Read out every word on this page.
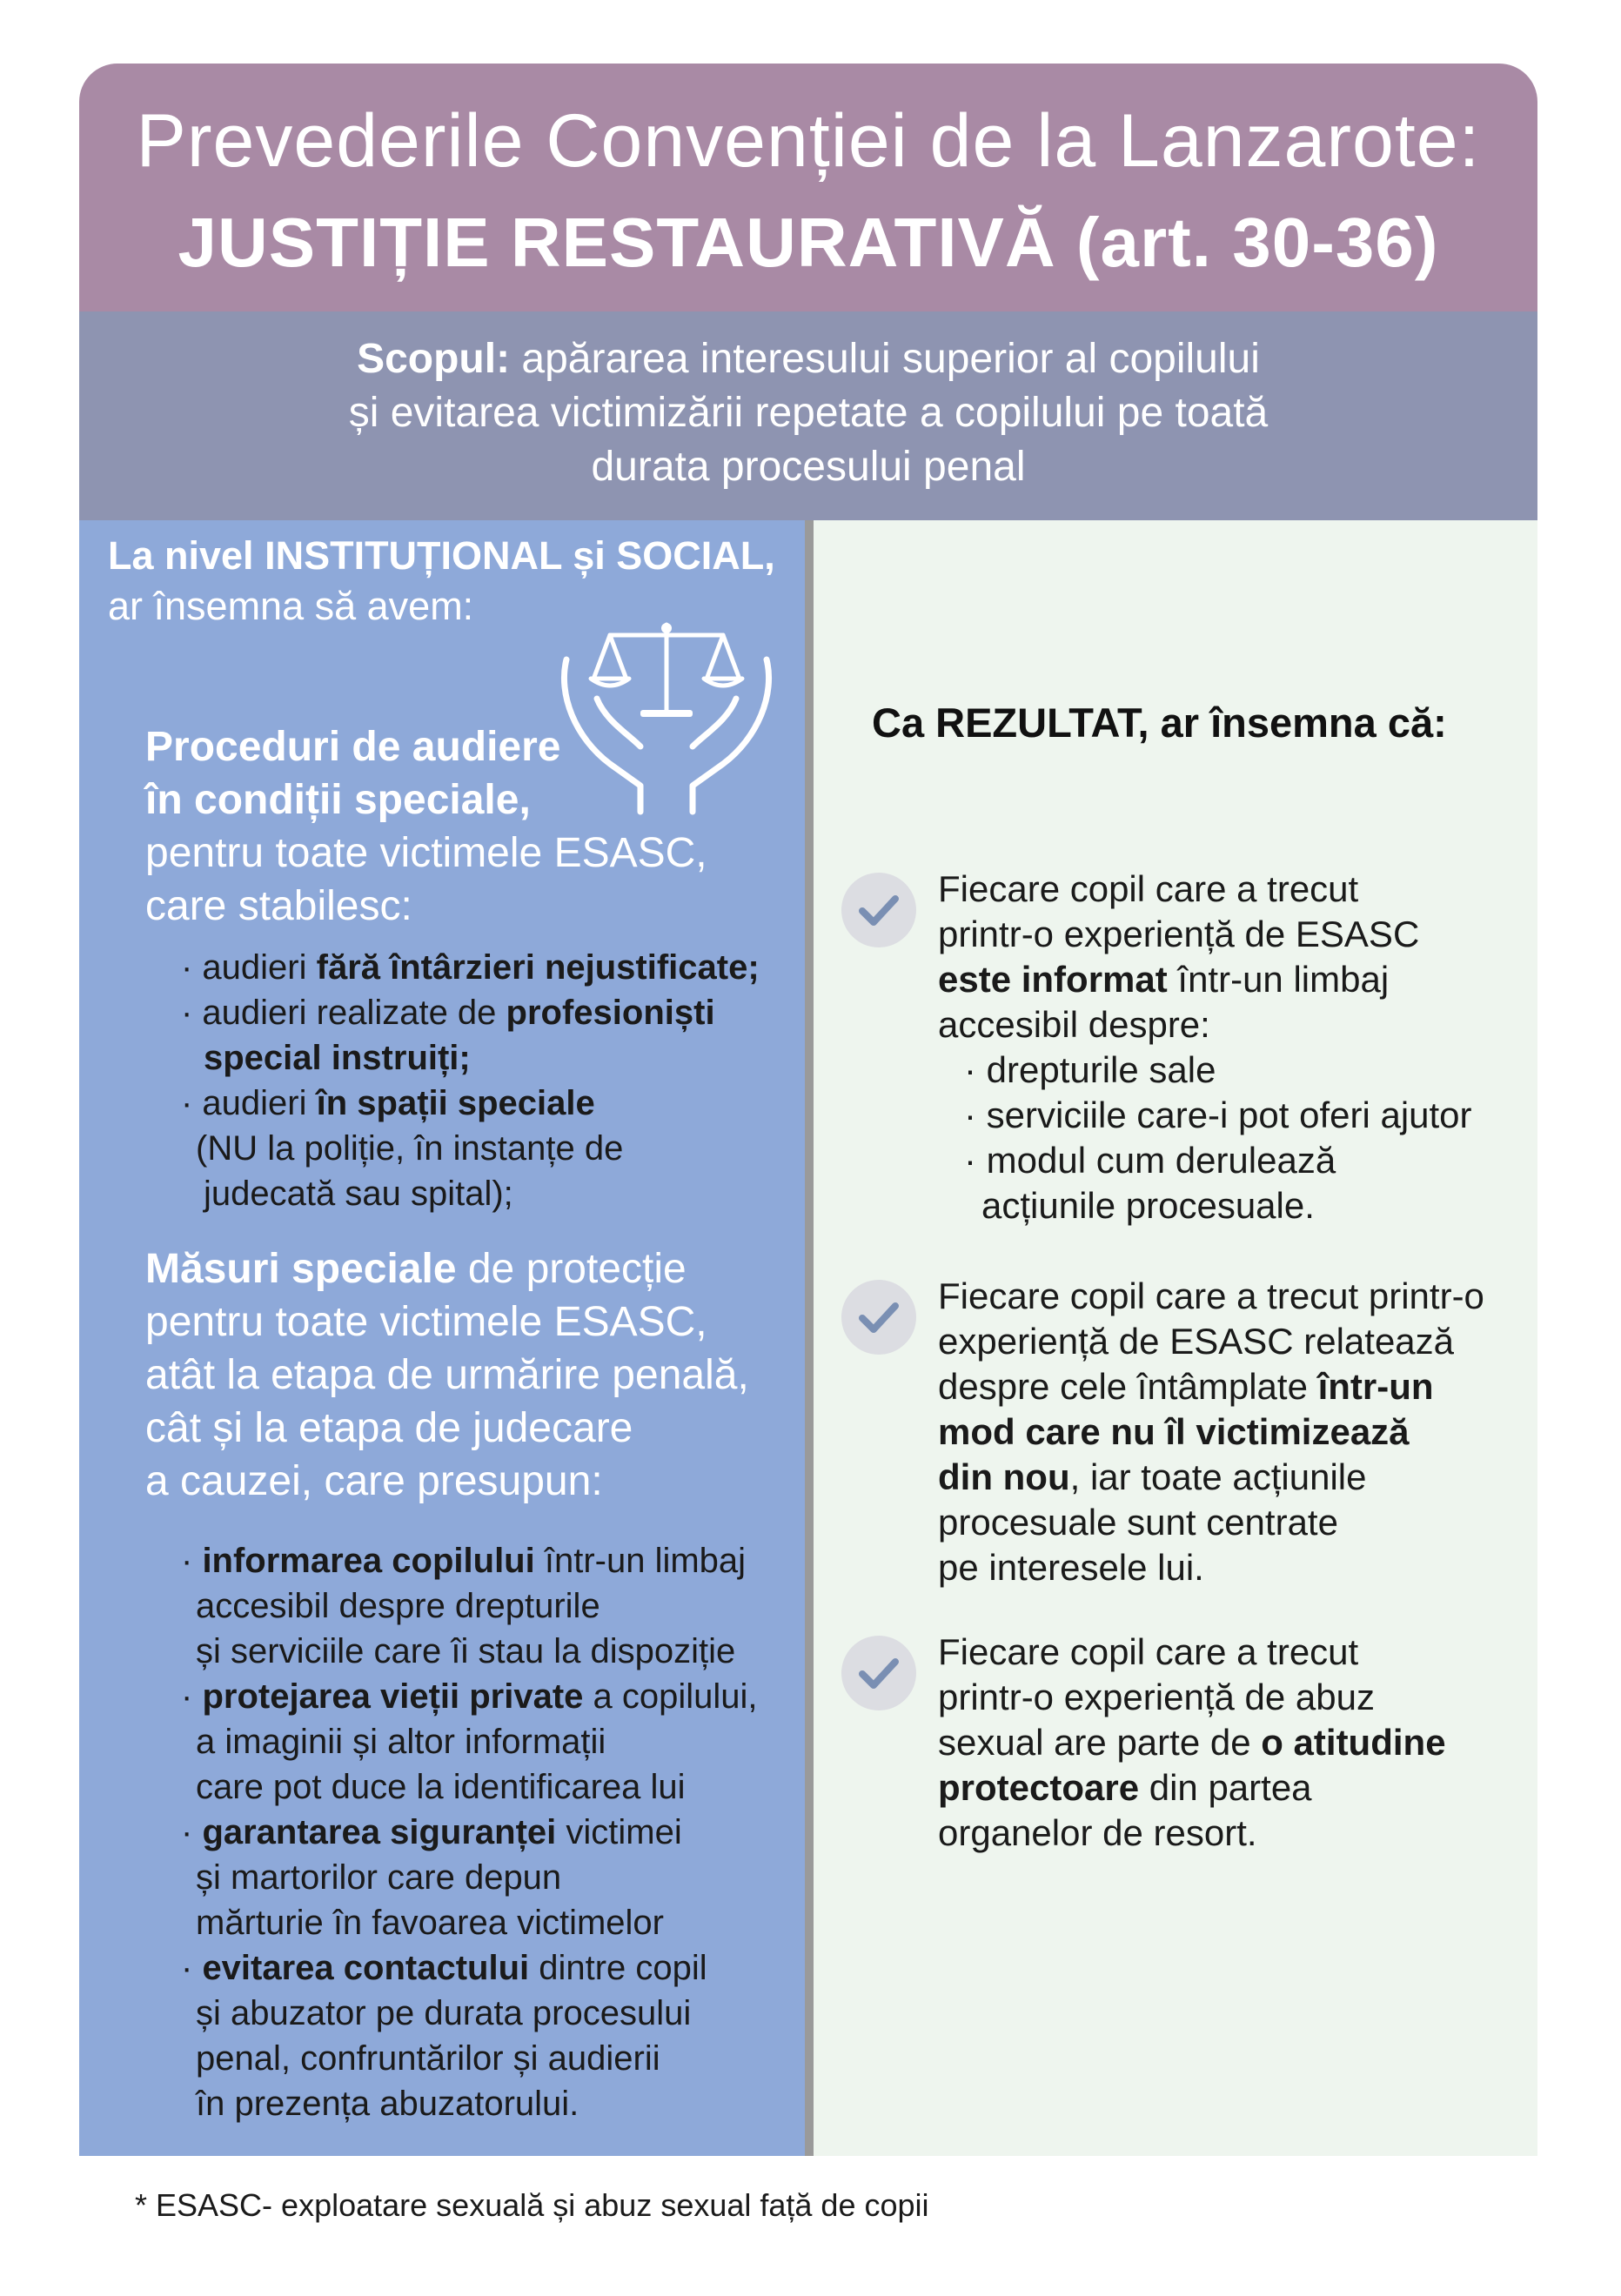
Prevederile Convenției de la Lanzarote:
JUSTIȚIE RESTAURATIVĂ (art. 30-36)
Scopul: apărarea interesului superior al copilului
și evitarea victimizării repetate a copilului pe toată
durata procesului penal
La nivel INSTITUȚIONAL și SOCIAL,
ar însemna să avem:
Proceduri de audiere
în condiții speciale,
pentru toate victimele ESASC,
care stabilesc:
· audieri fără întârzieri nejustificate;
· audieri realizate de profesioniști
special instruiți;
· audieri în spații speciale
(NU la poliție, în instanțe de
judecată sau spital);
Măsuri speciale de protecție
pentru toate victimele ESASC,
atât la etapa de urmărire penală,
cât și la etapa de judecare
a cauzei, care presupun:
· informarea copilului într-un limbaj
accesibil despre drepturile
și serviciile care îi stau la dispoziție
· protejarea vieții private a copilului,
a imaginii și altor informații
care pot duce la identificarea lui
· garantarea siguranței victimei
și martorilor care depun
mărturie în favoarea victimelor
· evitarea contactului dintre copil
și abuzator pe durata procesului
penal, confruntărilor și audierii
în prezența abuzatorului.
Ca REZULTAT, ar însemna că:
Fiecare copil care a trecut
printr-o experiență de ESASC
este informat într-un limbaj
accesibil despre:
· drepturile sale
· serviciile care-i pot oferi ajutor
· modul cum derulează
acțiunile procesuale.
Fiecare copil care a trecut printr-o
experiență de ESASC relatează
despre cele întâmplate într-un
mod care nu îl victimizează
din nou, iar toate acțiunile
procesuale sunt centrate
pe interesele lui.
Fiecare copil care a trecut
printr-o experiență de abuz
sexual are parte de o atitudine
protectoare din partea
organelor de resort.
* ESASC- exploatare sexuală și abuz sexual față de copii
